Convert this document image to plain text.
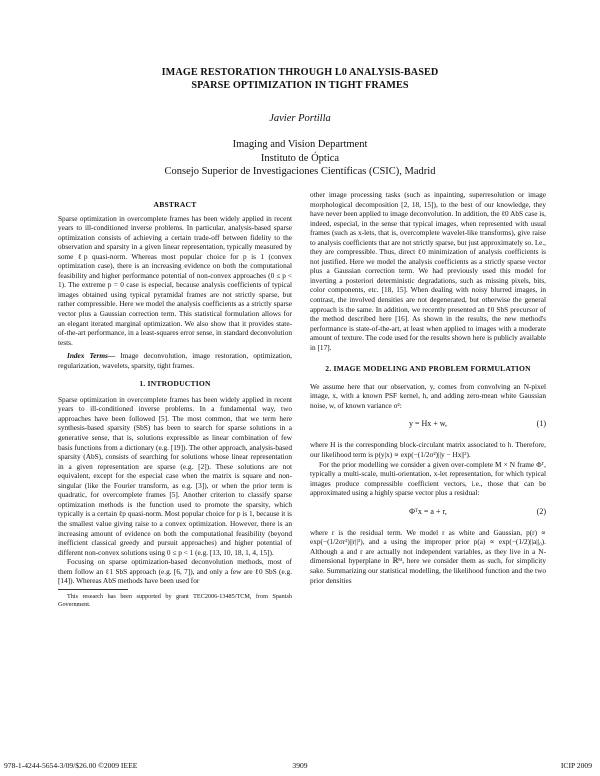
IMAGE RESTORATION THROUGH L0 ANALYSIS-BASED
SPARSE OPTIMIZATION IN TIGHT FRAMES
Javier Portilla
Imaging and Vision Department
Instituto de Óptica
Consejo Superior de Investigaciones Científicas (CSIC), Madrid
ABSTRACT

Sparse optimization in overcomplete frames has been widely applied in recent years to ill-conditioned inverse problems. In particular, analysis-based sparse optimization consists of achieving a certain trade-off between fidelity to the observation and sparsity in a given linear representation, typically measured by some ℓp quasi-norm. Whereas most popular choice for p is 1 (convex optimization case), there is an increasing evidence on both the computational feasibility and higher performance potential of non-convex approaches (0 ≤ p < 1). The extreme p = 0 case is especial, because analysis coefficients of typical images obtained using typical pyramidal frames are not strictly sparse, but rather compressible. Here we model the analysis coefficients as a strictly sparse vector plus a Gaussian correction term. This statistical formulation allows for an elegant iterated marginal optimization. We also show that it provides state-of-the-art performance, in a least-squares error sense, in standard deconvolution tests.

Index Terms— Image deconvolution, image restoration, optimization, regularization, wavelets, sparsity, tight frames.

1. INTRODUCTION

Sparse optimization in overcomplete frames has been widely applied in recent years to ill-conditioned inverse problems. In a fundamental way, two approaches have been followed [5]. The most common, that we term here synthesis-based sparsity (SbS) has been to search for sparse solutions in a generative sense, that is, solutions expressible as linear combination of few basis functions from a dictionary (e.g. [19]). The other approach, analysis-based sparsity (AbS), consists of searching for solutions whose linear representation in a given representation are sparse (e.g. [2]). These solutions are not equivalent, except for the especial case when the matrix is square and non-singular (like the Fourier transform, as e.g. [3]), or when the prior term is quadratic, for overcomplete frames [5]. Another criterion to classify sparse optimization methods is the function used to promote the sparsity, which typically is a certain ℓp quasi-norm. Most popular choice for p is 1, because it is the smallest value giving raise to a convex optimization. However, there is an increasing amount of evidence on both the computational feasibility (beyond inefficient classical greedy and pursuit approaches) and higher potential of different non-convex solutions using 0 ≤ p < 1 (e.g. [13, 10, 18, 1, 4, 15]).

Focusing on sparse optimization-based deconvolution methods, most of them follow an ℓ1 SbS approach (e.g. [6, 7]), and only a few are ℓ0 SbS (e.g. [14]). Whereas AbS methods have been used for

This research has been supported by grant TEC2006-13485/TCM, from Spanish Government.

other image processing tasks (such as inpainting, superresolution or image morphological decomposition [2, 18, 15]), to the best of our knowledge, they have never been applied to image deconvolution. In addition, the ℓ0 AbS case is, indeed, especial, in the sense that typical images, when represented with usual frames (such as x-lets, that is, overcomplete wavelet-like transforms), give raise to analysis coefficients that are not strictly sparse, but just approximately so. I.e., they are compressible. Thus, direct ℓ0 minimization of analysis coefficients is not justified. Here we model the analysis coefficients as a strictly sparse vector plus a Gaussian correction term. We had previously used this model for inverting a posteriori deterministic degradations, such as missing pixels, bits, color components, etc. [18, 15]. When dealing with noisy blurred images, in contrast, the involved densities are not degenerated, but otherwise the general approach is the same. In addition, we recently presented an ℓ0 SbS precursor of the method described here [16]. As shown in the results, the new method's performance is state-of-the-art, at least when applied to images with a moderate amount of texture. The code used for the results shown here is publicly available in [17].

2. IMAGE MODELING AND PROBLEM FORMULATION

We assume here that our observation, y, comes from convolving an N-pixel image, x, with a known PSF kernel, h, and adding zero-mean white Gaussian noise, w, of known variance σ²:

y = Hx + w,	(1)

where H is the corresponding block-circulant matrix associated to h. Therefore, our likelihood term is p(y|x) ∝ exp(−(1/2σ²)||y − Hx||²).

For the prior modelling we consider a given over-complete M × N frame Φᵀ, typically a multi-scale, multi-orientation, x-let representation, for which typical images produce compressible coefficient vectors, i.e., those that can be approximated using a highly sparse vector plus a residual:

Φᵀx = a + r,	(2)

where r is the residual term. We model r as white and Gaussian, p(r) ∝ exp(−(1/2σr²)||r||²), and a using the improper prior p(a) ∝ exp(−(1/2)||a||₀). Although a and r are actually not independent variables, as they live in a N-dimensional hyperplane in ℝᴹ, here we consider them as such, for simplicity sake. Summarizing our statistical modelling, the likelihood function and the two prior densities

978-1-4244-5654-3/09/$26.00 ©2009 IEEE	3909	ICIP 2009
